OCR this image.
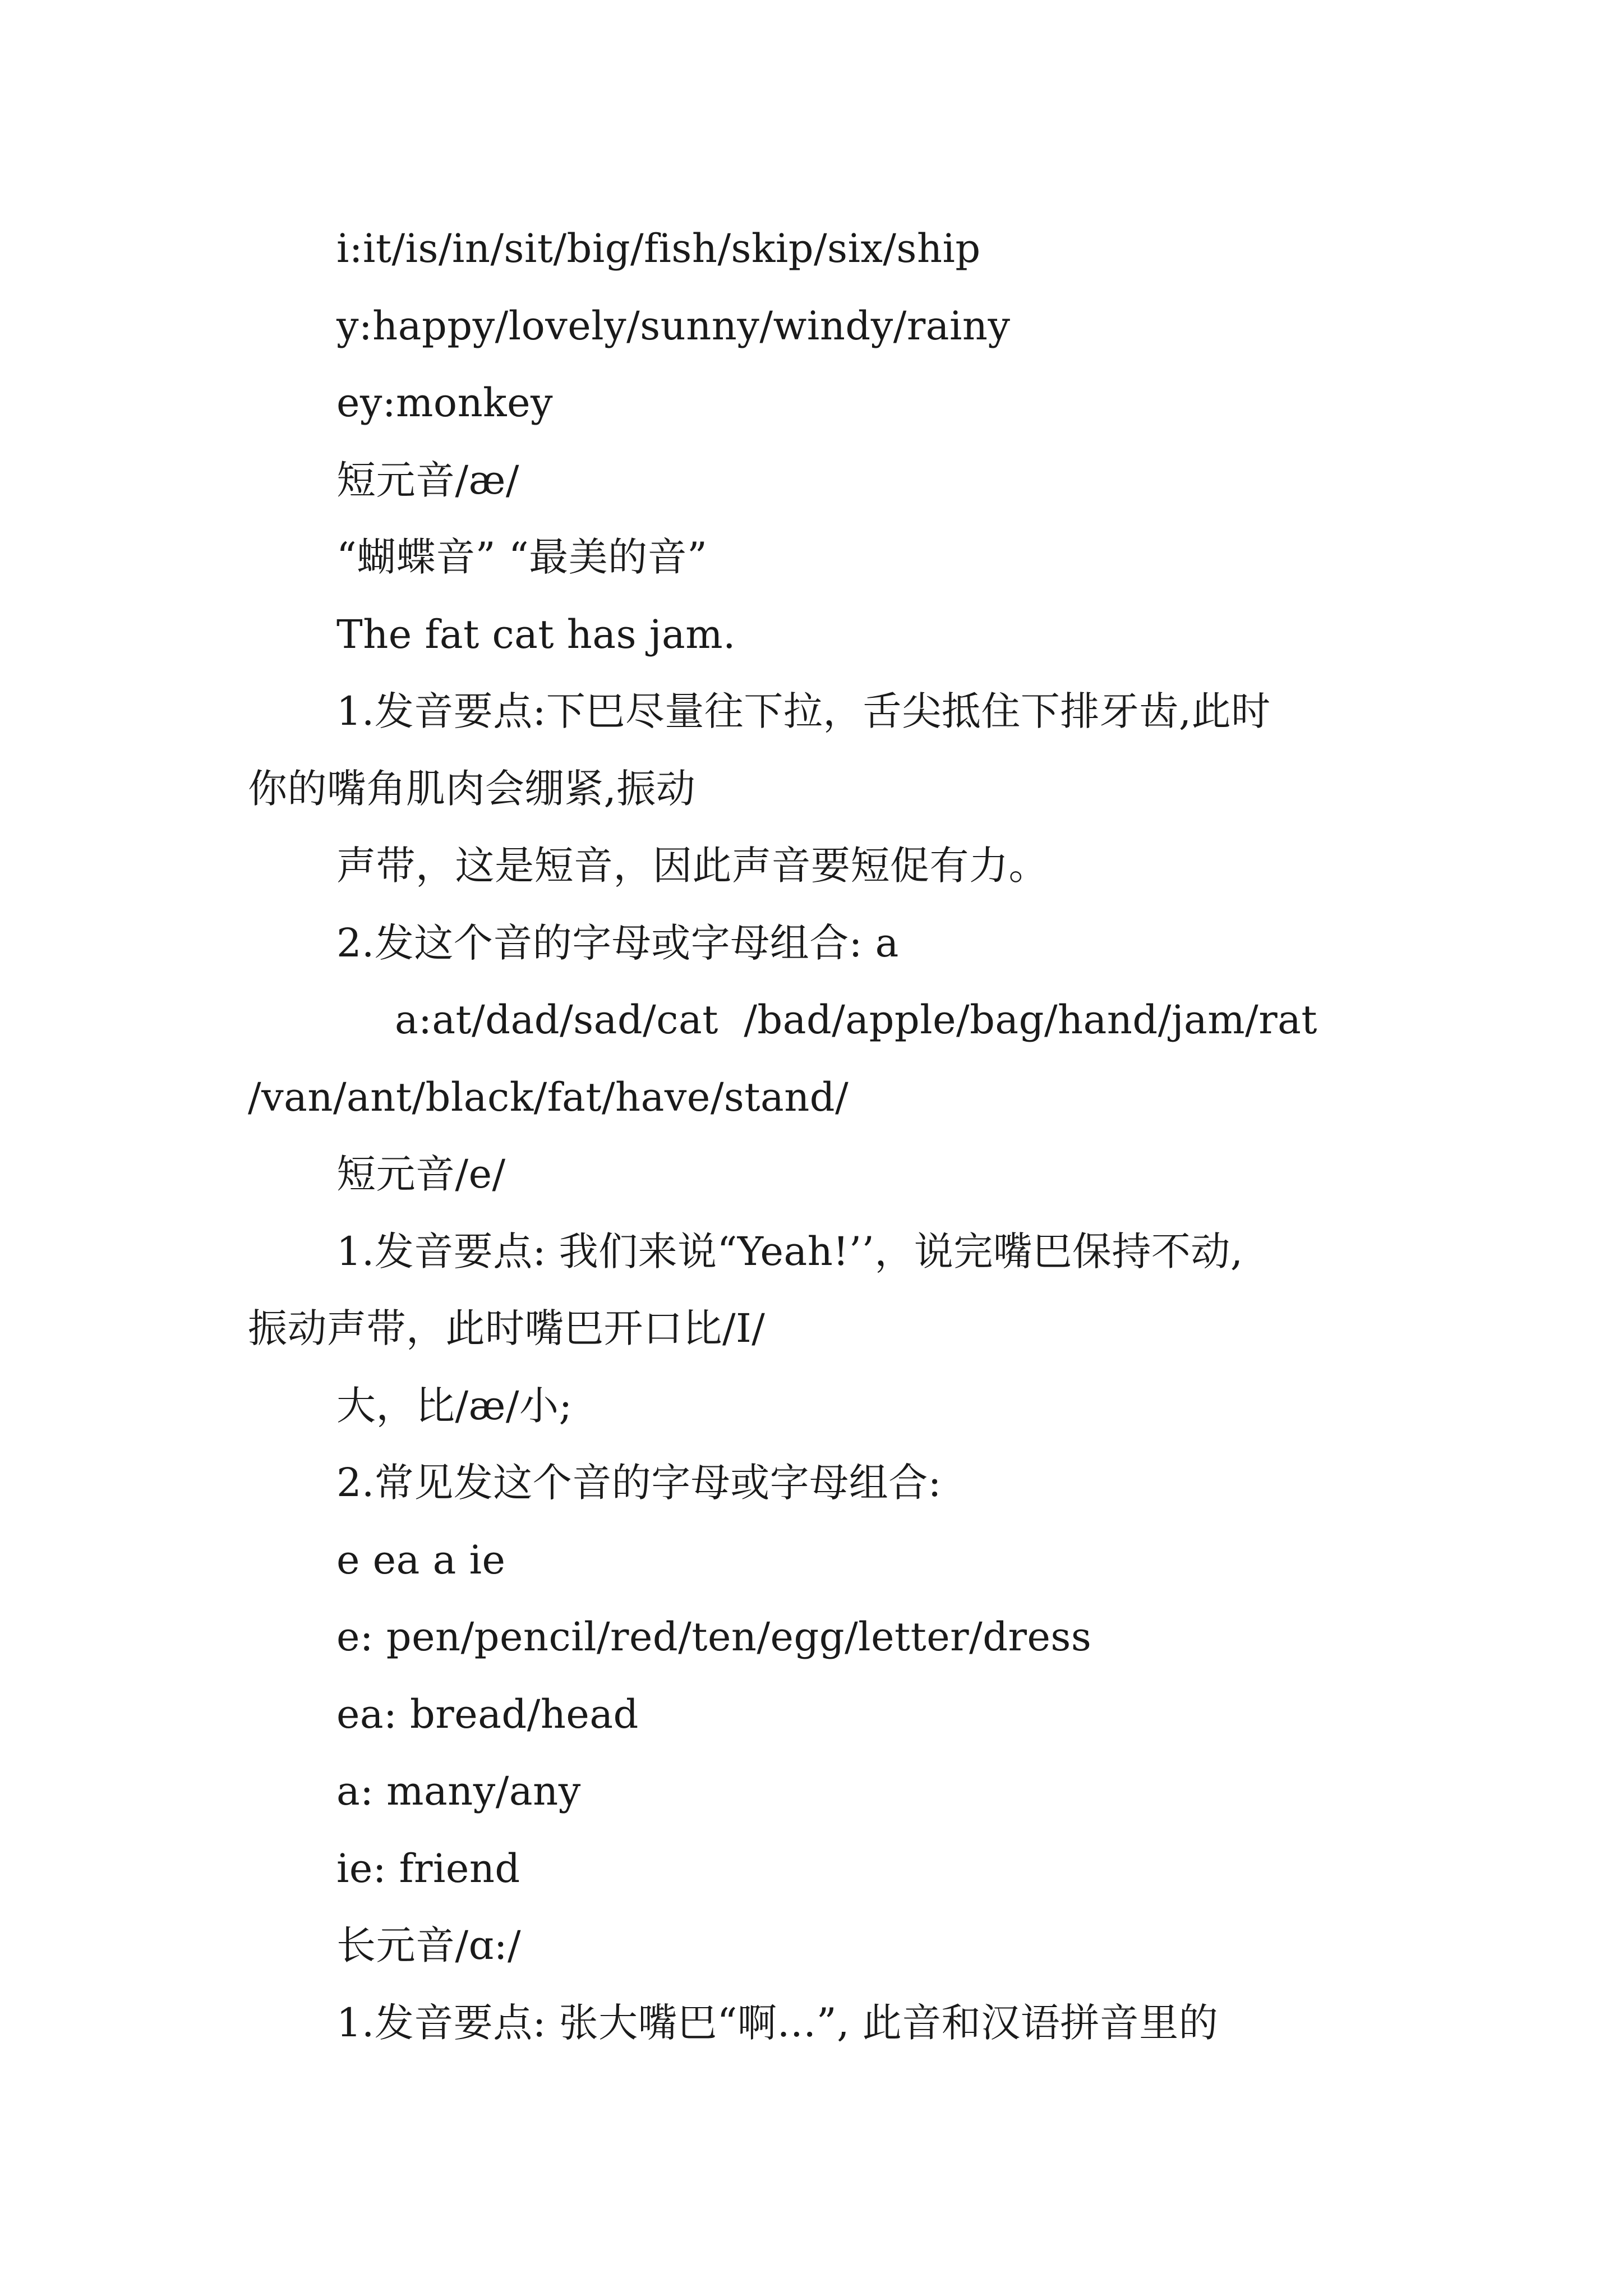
i:it/is/in/sit/big/fish/skip/six/ship
y:happy/lovely/sunny/windy/rainy
ey:monkey
短元音/æ/
“蝴蝶音” “最美的音”
The fat cat has jam.
1.发音要点:下巴尽量往下拉，舌尖抵住下排牙齿,此时
你的嘴角肌肉会绷紧,振动
声带，这是短音，因此声音要短促有力。
2.发这个音的字母或字母组合: a
a:at/dad/sad/cat  /bad/apple/bag/hand/jam/rat
/van/ant/black/fat/have/stand/
短元音/e/
1.发音要点: 我们来说“Yeah!’’，说完嘴巴保持不动,
振动声带，此时嘴巴开口比/I/
大，比/æ/小;
2.常见发这个音的字母或字母组合:
e ea a ie
e: pen/pencil/red/ten/egg/letter/dress
ea: bread/head
a: many/any
ie: friend
长元音/ɑ:/
1.发音要点: 张大嘴巴“啊…”, 此音和汉语拼音里的
